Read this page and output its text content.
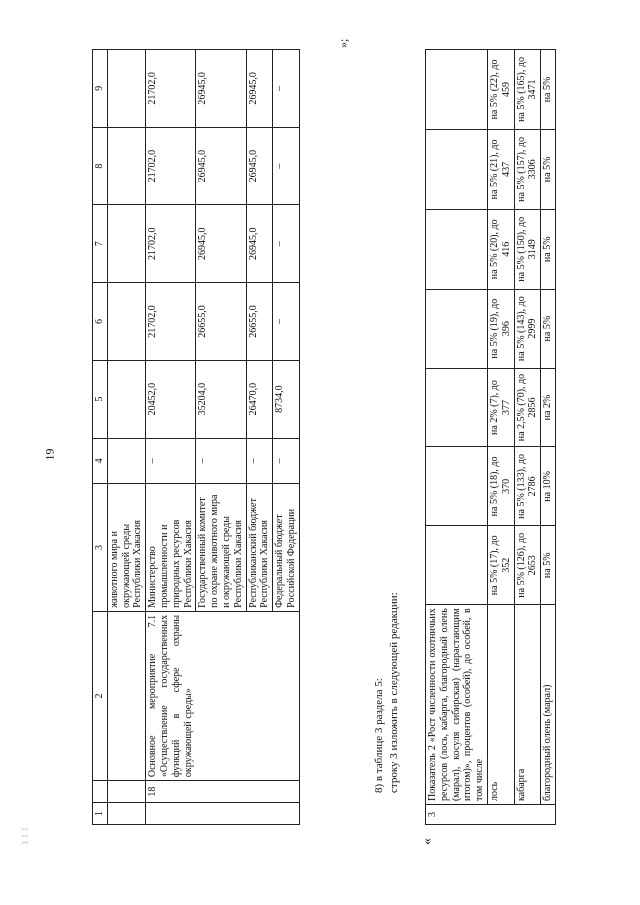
19
1 1 1
1		2	3	4	5	6	7	8	9
			животного мира и окружающей среды Республики Хакасия						
	18	Основное мероприятие 7.1 «Осуществление государственных функций в сфере охраны окружающей среды»	Министерство промышленности и природных ресурсов Республики Хакасия	–	20452,0	21702,0	21702,0	21702,0	21702,0
			Государственный комитет по охране животного мира и окружающей среды Республики Хакасия	–	35204,0	26655,0	26945,0	26945,0	26945,0
			Республиканский бюджет Республики Хакасия	–	26470,0	26655,0	26945,0	26945,0	26945,0
			Федеральный бюджет Российской Федерации	–	8734,0	–	–	–	–
»;
8) в таблице 3 раздела 5: строку 3 изложить в следующей редакции:
«
3	Показатель 2 «Рост численности охотничьих ресурсов (лось, кабарга, благородный олень (марал), косуля сибирская) (нарастающим итогом)», процентов (особей), до особей, в том числе							
	лось	на 5% (17), до 352	на 5% (18), до 370	на 2% (7), до 377	на 5% (19), до 396	на 5% (20), до 416	на 5% (21), до 437	на 5% (22), до 459
	кабарга	на 5% (126), до 2653	на 5% (133), до 2786	на 2,5% (70), до 2856	на 5% (143), до 2999	на 5% (150), до 3149	на 5% (157), до 3306	на 5% (165), до 3471
	благородный олень (марал)	на 5%	на 10%	на 2%	на 5%	на 5%	на 5%	на 5%
